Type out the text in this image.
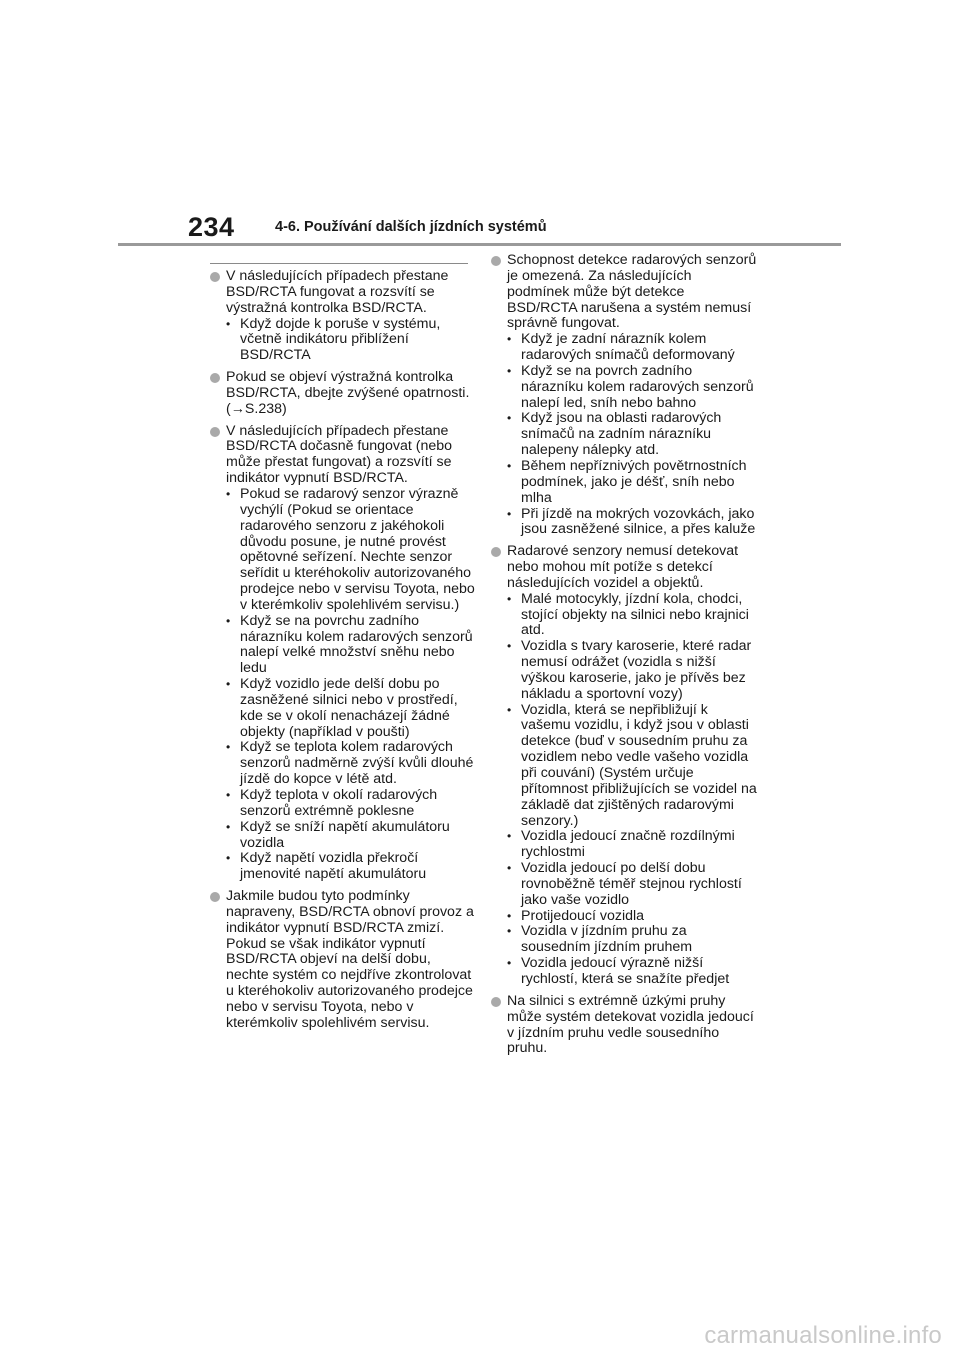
234	4-6. Používání dalších jízdních systémů
V následujících případech přestane BSD/RCTA fungovat a rozsvítí se výstražná kontrolka BSD/RCTA.
• Když dojde k poruše v systému, včetně indikátoru přiblížení BSD/RCTA
Pokud se objeví výstražná kontrolka BSD/RCTA, dbejte zvýšené opatrnosti. (→S.238)
V následujících případech přestane BSD/RCTA dočasně fungovat (nebo může přestat fungovat) a rozsvítí se indikátor vypnutí BSD/RCTA.
• Pokud se radarový senzor výrazně vychýlí (Pokud se orientace radarového senzoru z jakéhokoli důvodu posune, je nutné provést opětovné seřízení. Nechte senzor seřídit u kteréhokoliv autorizovaného prodejce nebo v servisu Toyota, nebo v kterémkoliv spolehlivém servisu.)
• Když se na povrchu zadního nárazníku kolem radarových senzorů nalepí velké množství sněhu nebo ledu
• Když vozidlo jede delší dobu po zasněžené silnici nebo v prostředí, kde se v okolí nenacházejí žádné objekty (například v poušti)
• Když se teplota kolem radarových senzorů nadměrně zvýší kvůli dlouhé jízdě do kopce v létě atd.
• Když teplota v okolí radarových senzorů extrémně poklesne
• Když se sníží napětí akumulátoru vozidla
• Když napětí vozidla překročí jmenovité napětí akumulátoru
Jakmile budou tyto podmínky napraveny, BSD/RCTA obnoví provoz a indikátor vypnutí BSD/RCTA zmizí. Pokud se však indikátor vypnutí BSD/RCTA objeví na delší dobu, nechte systém co nejdříve zkontrolovat u kteréhokoliv autorizovaného prodejce nebo v servisu Toyota, nebo v kterémkoliv spolehlivém servisu.
Schopnost detekce radarových senzorů je omezená. Za následujících podmínek může být detekce BSD/RCTA narušena a systém nemusí správně fungovat.
• Když je zadní nárazník kolem radarových snímačů deformovaný
• Když se na povrch zadního nárazníku kolem radarových senzorů nalepí led, sníh nebo bahno
• Když jsou na oblasti radarových snímačů na zadním nárazníku nalepeny nálepky atd.
• Během nepříznivých povětrnostních podmínek, jako je déšť, sníh nebo mlha
• Při jízdě na mokrých vozovkách, jako jsou zasněžené silnice, a přes kaluže
Radarové senzory nemusí detekovat nebo mohou mít potíže s detekcí následujících vozidel a objektů.
• Malé motocykly, jízdní kola, chodci, stojící objekty na silnici nebo krajnici atd.
• Vozidla s tvary karoserie, které radar nemusí odrážet (vozidla s nižší výškou karoserie, jako je přívěs bez nákladu a sportovní vozy)
• Vozidla, která se nepřibližují k vašemu vozidlu, i když jsou v oblasti detekce (buď v sousedním pruhu za vozidlem nebo vedle vašeho vozidla při couvání) (Systém určuje přítomnost přibližujících se vozidel na základě dat zjištěných radarovými senzory.)
• Vozidla jedoucí značně rozdílnými rychlostmi
• Vozidla jedoucí po delší dobu rovnoběžně téměř stejnou rychlostí jako vaše vozidlo
• Protijedoucí vozidla
• Vozidla v jízdním pruhu za sousedním jízdním pruhem
• Vozidla jedoucí výrazně nižší rychlostí, která se snažíte předjet
Na silnici s extrémně úzkými pruhy může systém detekovat vozidla jedoucí v jízdním pruhu vedle sousedního pruhu.
carmanualsonline.info
